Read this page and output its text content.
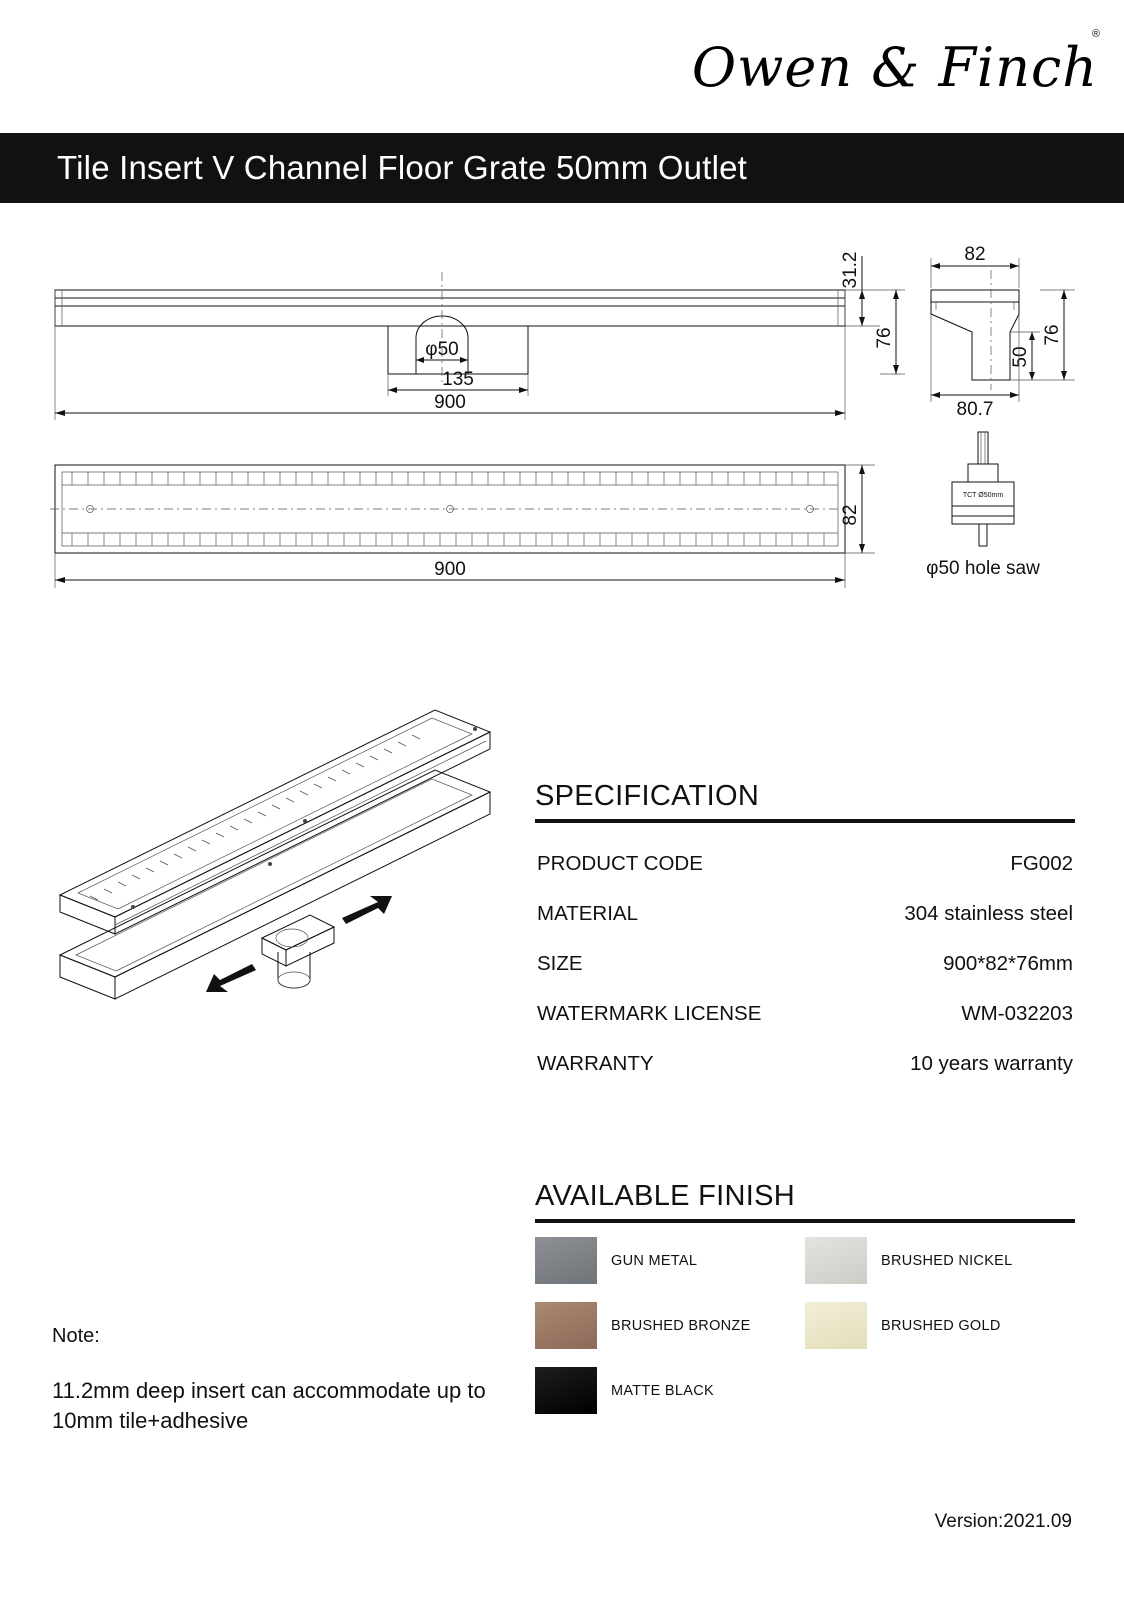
Owen & Finch
®
Tile Insert V Channel Floor Grate 50mm Outlet
φ50
135
900
31.2
76
900
82
82
50
76
80.7
TCT Ø50mm
φ50 hole saw
SPECIFICATION
PRODUCT CODE	FG002
MATERIAL	304 stainless steel
SIZE	900*82*76mm
WATERMARK LICENSE	WM-032203
WARRANTY	10 years warranty
AVAILABLE FINISH
GUN METAL	BRUSHED NICKEL
BRUSHED BRONZE	BRUSHED GOLD
MATTE BLACK
Note:
11.2mm deep insert can accommodate up to 10mm tile+adhesive
Version:2021.09
